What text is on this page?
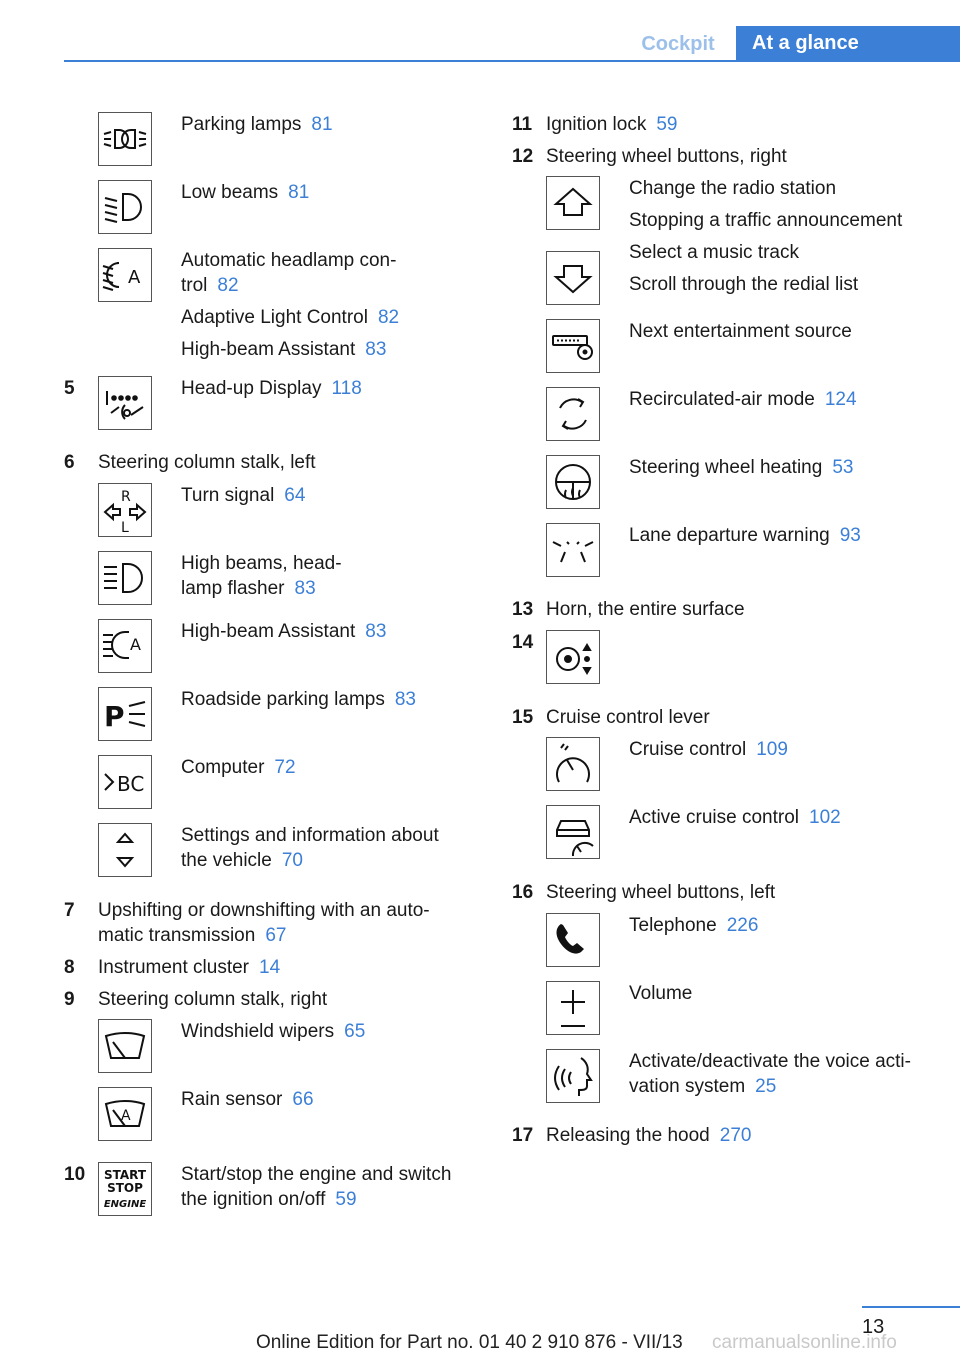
Cockpit	At a glance
Parking lamps 81
Low beams 81
A
Automatic headlamp con-
trol 82
Adaptive Light Control 82
High-beam Assistant 83
5	Head-up Display 118
6 Steering column stalk, left
R
L
Turn signal 64
High beams, head-
lamp flasher 83
A
High-beam Assistant 83
P
Roadside parking lamps 83
BC
Computer 72
Settings and information about
the vehicle 70
7 Upshifting or downshifting with an auto-
matic transmission 67
8 Instrument cluster 14
9 Steering column stalk, right
Windshield wipers 65
A
Rain sensor 66
10 START
STOP
ENGINE
Start/stop the engine and switch
the ignition on/off 59
11 Ignition lock 59
12 Steering wheel buttons, right
Change the radio station
Stopping a traffic announcement
Select a music track
Scroll through the redial list
Next entertainment source
Recirculated-air mode 124
Steering wheel heating 53
Lane departure warning 93
13 Horn, the entire surface
14
15 Cruise control lever
Cruise control 109
Active cruise control 102
16 Steering wheel buttons, left
Telephone 226
Volume
Activate/deactivate the voice acti-
vation system 25
17 Releasing the hood 270
13
Online Edition for Part no. 01 40 2 910 876 - VII/13 carmanualsonline.info
